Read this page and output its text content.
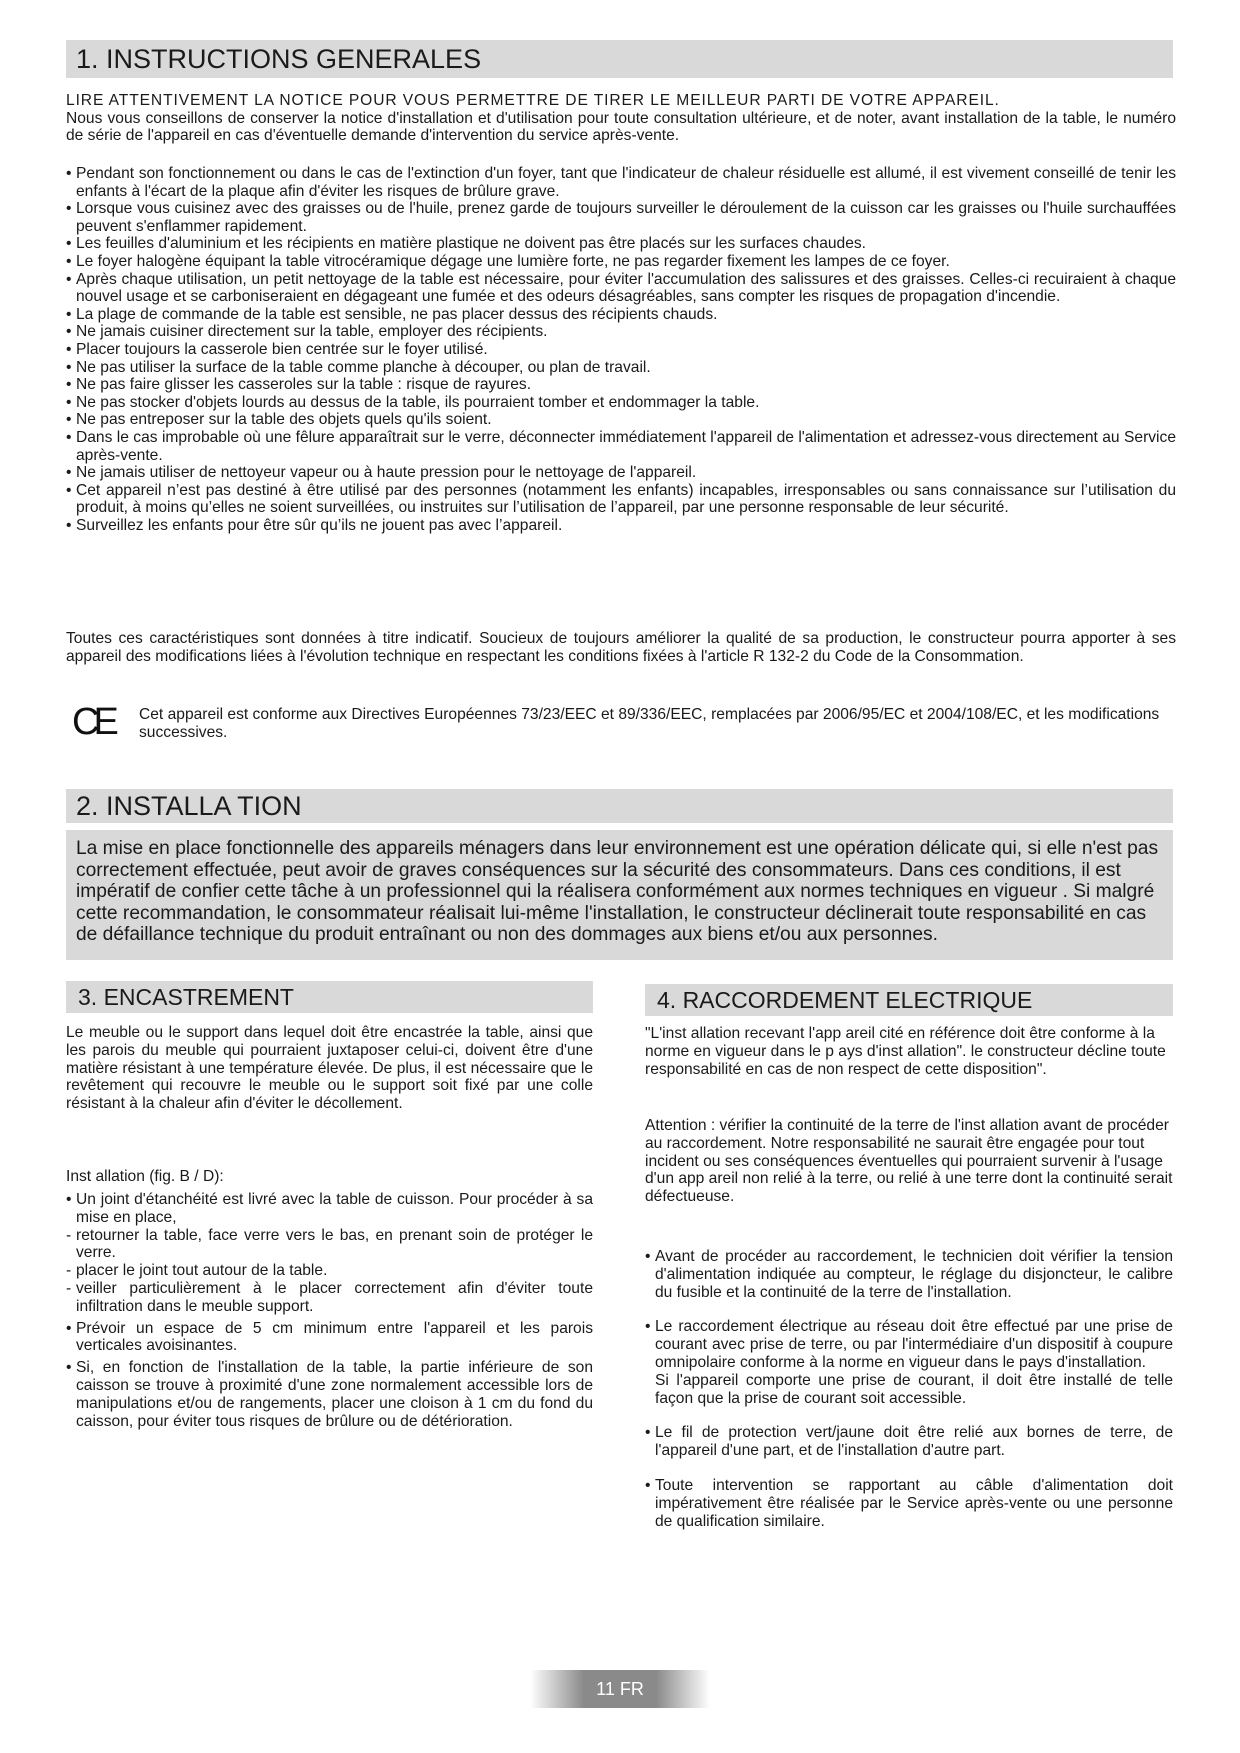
1. INSTRUCTIONS GENERALES

LIRE ATTENTIVEMENT LA NOTICE POUR VOUS PERMETTRE DE TIRER LE MEILLEUR PARTI DE VOTRE APPAREIL.
Nous vous conseillons de conserver la notice d'installation et d'utilisation pour toute consultation ultérieure, et de noter, avant installation de la table, le numéro de série de l'appareil en cas d'éventuelle demande d'intervention du service après-vente.

• Pendant son fonctionnement ou dans le cas de l'extinction d'un foyer, tant que l'indicateur de chaleur résiduelle est allumé, il est vivement conseillé de tenir les enfants à l'écart de la plaque afin d'éviter les risques de brûlure grave.
• Lorsque vous cuisinez avec des graisses ou de l'huile, prenez garde de toujours surveiller le déroulement de la cuisson car les graisses ou l'huile surchauffées peuvent s'enflammer rapidement.
• Les feuilles d'aluminium et les récipients en matière plastique ne doivent pas être placés sur les surfaces chaudes.
• Le foyer halogène équipant la table vitrocéramique dégage une lumière forte, ne pas regarder fixement les lampes de ce foyer.
• Après chaque utilisation, un petit nettoyage de la table est nécessaire, pour éviter l'accumulation des salissures et des graisses. Celles-ci recuiraient à chaque nouvel usage et se carboniseraient en dégageant une fumée et des odeurs désagréables, sans compter les risques de propagation d'incendie.
• La plage de commande de la table est sensible, ne pas placer dessus des récipients chauds.
• Ne jamais cuisiner directement sur la table, employer des récipients.
• Placer toujours la casserole bien centrée sur le foyer utilisé.
• Ne pas utiliser la surface de la table comme planche à découper, ou plan de travail.
• Ne pas faire glisser les casseroles sur la table : risque de rayures.
• Ne pas stocker d'objets lourds au dessus de la table, ils pourraient tomber et endommager la table.
• Ne pas entreposer sur la table des objets quels qu'ils soient.
• Dans le cas improbable où une fêlure apparaîtrait sur le verre, déconnecter immédiatement l'appareil de l'alimentation et adressez-vous directement au Service après-vente.
• Ne jamais utiliser de nettoyeur vapeur ou à haute pression pour le nettoyage de l'appareil.
• Cet appareil n’est pas destiné à être utilisé par des personnes (notamment les enfants) incapables, irresponsables ou sans connaissance sur l’utilisation du produit, à moins qu’elles ne soient surveillées, ou instruites sur l’utilisation de l’appareil, par une personne responsable de leur sécurité.
• Surveillez les enfants pour être sûr qu’ils ne jouent pas avec l’appareil.

Toutes ces caractéristiques sont données à titre indicatif. Soucieux de toujours améliorer la qualité de sa production, le constructeur pourra apporter à ses appareil des modifications liées à l'évolution technique en respectant les conditions fixées à l'article R 132-2 du Code de la Consommation.

CE Cet appareil est conforme aux Directives Européennes 73/23/EEC et 89/336/EEC, remplacées par 2006/95/EC et 2004/108/EC, et les modifications successives.

2. INSTALLA TION
La mise en place fonctionnelle des appareils ménagers dans leur environnement est une opération délicate qui, si elle n'est pas correctement effectuée, peut avoir de graves conséquences sur la sécurité des consommateurs. Dans ces conditions, il est impératif de confier cette tâche à un professionnel qui la réalisera conformément aux normes techniques en vigueur . Si malgré cette recommandation, le consommateur réalisait lui-même l'installation, le constructeur déclinerait toute responsabilité en cas de défaillance technique du produit entraînant ou non des dommages aux biens et/ou aux personnes.
3. ENCASTREMENT

Le meuble ou le support dans lequel doit être encastrée la table, ainsi que les parois du meuble qui pourraient juxtaposer celui-ci, doivent être d'une matière résistant à une température élevée. De plus, il est nécessaire que le revêtement qui recouvre le meuble ou le support soit fixé par une colle résistant à la chaleur afin d'éviter le décollement.

Inst allation (fig. B / D):

• Un joint d'étanchéité est livré avec la table de cuisson. Pour procéder à sa mise en place,
- retourner la table, face verre vers le bas, en prenant soin de protéger le verre.
- placer le joint tout autour de la table.
- veiller particulièrement à le placer correctement afin d'éviter toute infiltration dans le meuble support.
• Prévoir un espace de 5 cm minimum entre l'appareil et les parois verticales avoisinantes.
• Si, en fonction de l'installation de la table, la partie inférieure de son caisson se trouve à proximité d'une zone normalement accessible lors de manipulations et/ou de rangements, placer une cloison à 1 cm du fond du caisson, pour éviter tous risques de brûlure ou de détérioration.
4. RACCORDEMENT ELECTRIQUE

"L'inst allation recevant l'app areil cité en référence doit être conforme à la norme en vigueur dans le p ays d'inst allation". le constructeur décline toute responsabilité en cas de non respect de cette disposition".

Attention : vérifier la continuité de la terre de l'inst allation avant de procéder au raccordement. Notre responsabilité ne saurait être engagée pour tout incident ou ses conséquences éventuelles qui pourraient survenir à l'usage d'un app areil non relié à la terre, ou relié à une terre dont la continuité serait défectueuse.

• Avant de procéder au raccordement, le technicien doit vérifier la tension d'alimentation indiquée au compteur, le réglage du disjoncteur, le calibre du fusible et la continuité de la terre de l'installation.
• Le raccordement électrique au réseau doit être effectué par une prise de courant avec prise de terre, ou par l'intermédiaire d'un dispositif à coupure omnipolaire conforme à la norme en vigueur dans le pays d'installation.
Si l'appareil comporte une prise de courant, il doit être installé de telle façon que la prise de courant soit accessible.
• Le fil de protection vert/jaune doit être relié aux bornes de terre, de l'appareil d'une part, et de l'installation d'autre part.
• Toute intervention se rapportant au câble d'alimentation doit impérativement être réalisée par le Service après-vente ou une personne de qualification similaire.
11 FR
